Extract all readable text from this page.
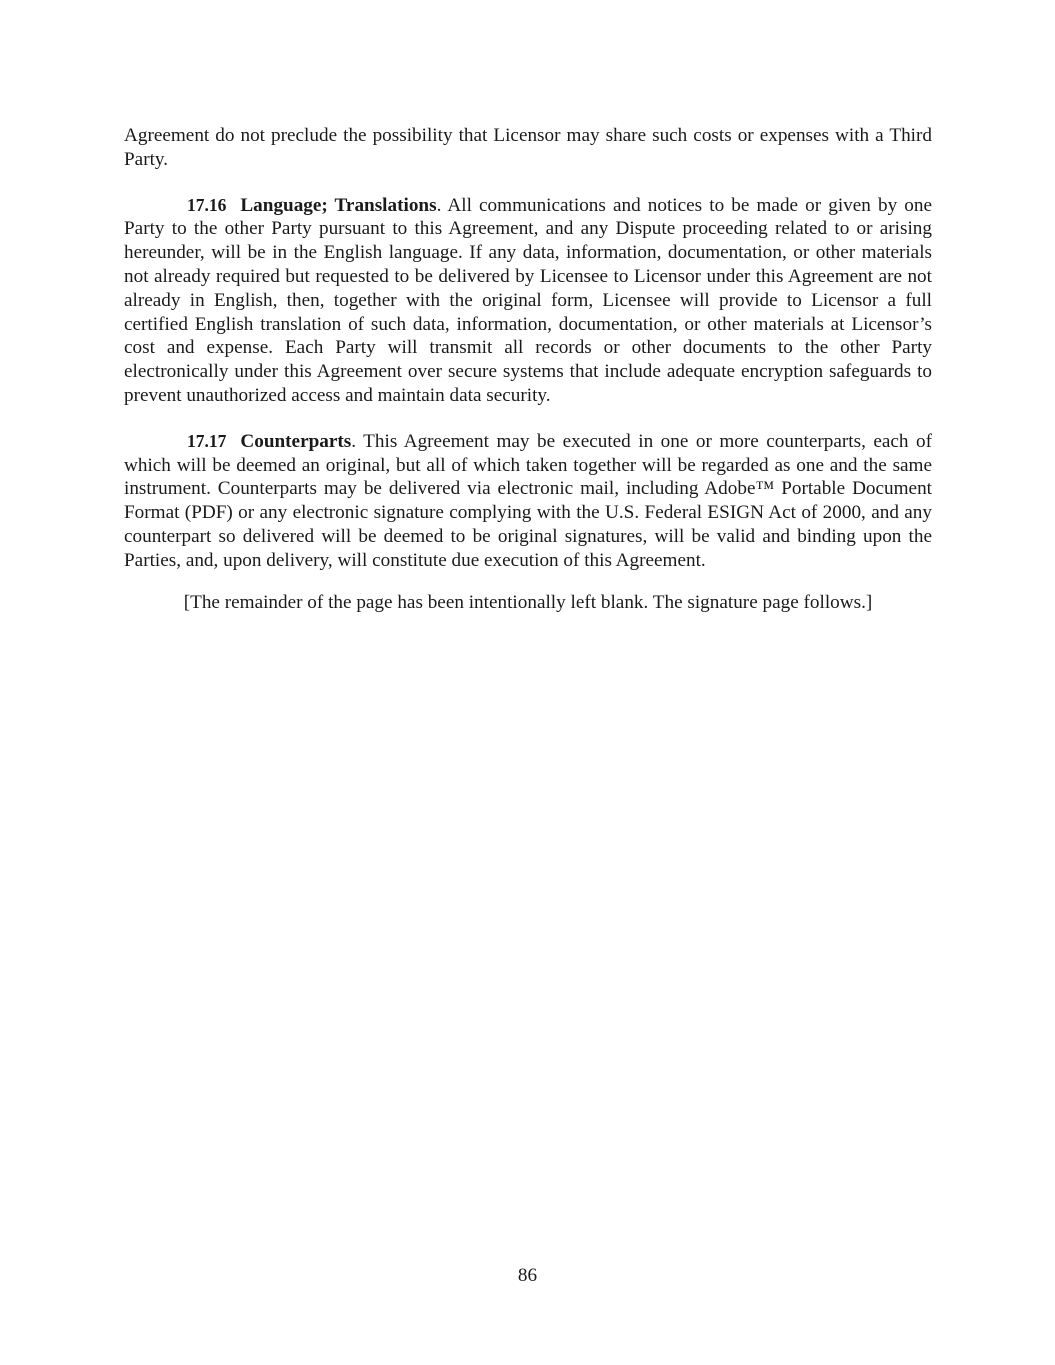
Agreement do not preclude the possibility that Licensor may share such costs or expenses with a Third Party.

17.16 Language; Translations. All communications and notices to be made or given by one Party to the other Party pursuant to this Agreement, and any Dispute proceeding related to or arising hereunder, will be in the English language. If any data, information, documentation, or other materials not already required but requested to be delivered by Licensee to Licensor under this Agreement are not already in English, then, together with the original form, Licensee will provide to Licensor a full certified English translation of such data, information, documentation, or other materials at Licensor’s cost and expense. Each Party will transmit all records or other documents to the other Party electronically under this Agreement over secure systems that include adequate encryption safeguards to prevent unauthorized access and maintain data security.

17.17 Counterparts. This Agreement may be executed in one or more counterparts, each of which will be deemed an original, but all of which taken together will be regarded as one and the same instrument. Counterparts may be delivered via electronic mail, including Adobe™ Portable Document Format (PDF) or any electronic signature complying with the U.S. Federal ESIGN Act of 2000, and any counterpart so delivered will be deemed to be original signatures, will be valid and binding upon the Parties, and, upon delivery, will constitute due execution of this Agreement.

[The remainder of the page has been intentionally left blank. The signature page follows.]

86
